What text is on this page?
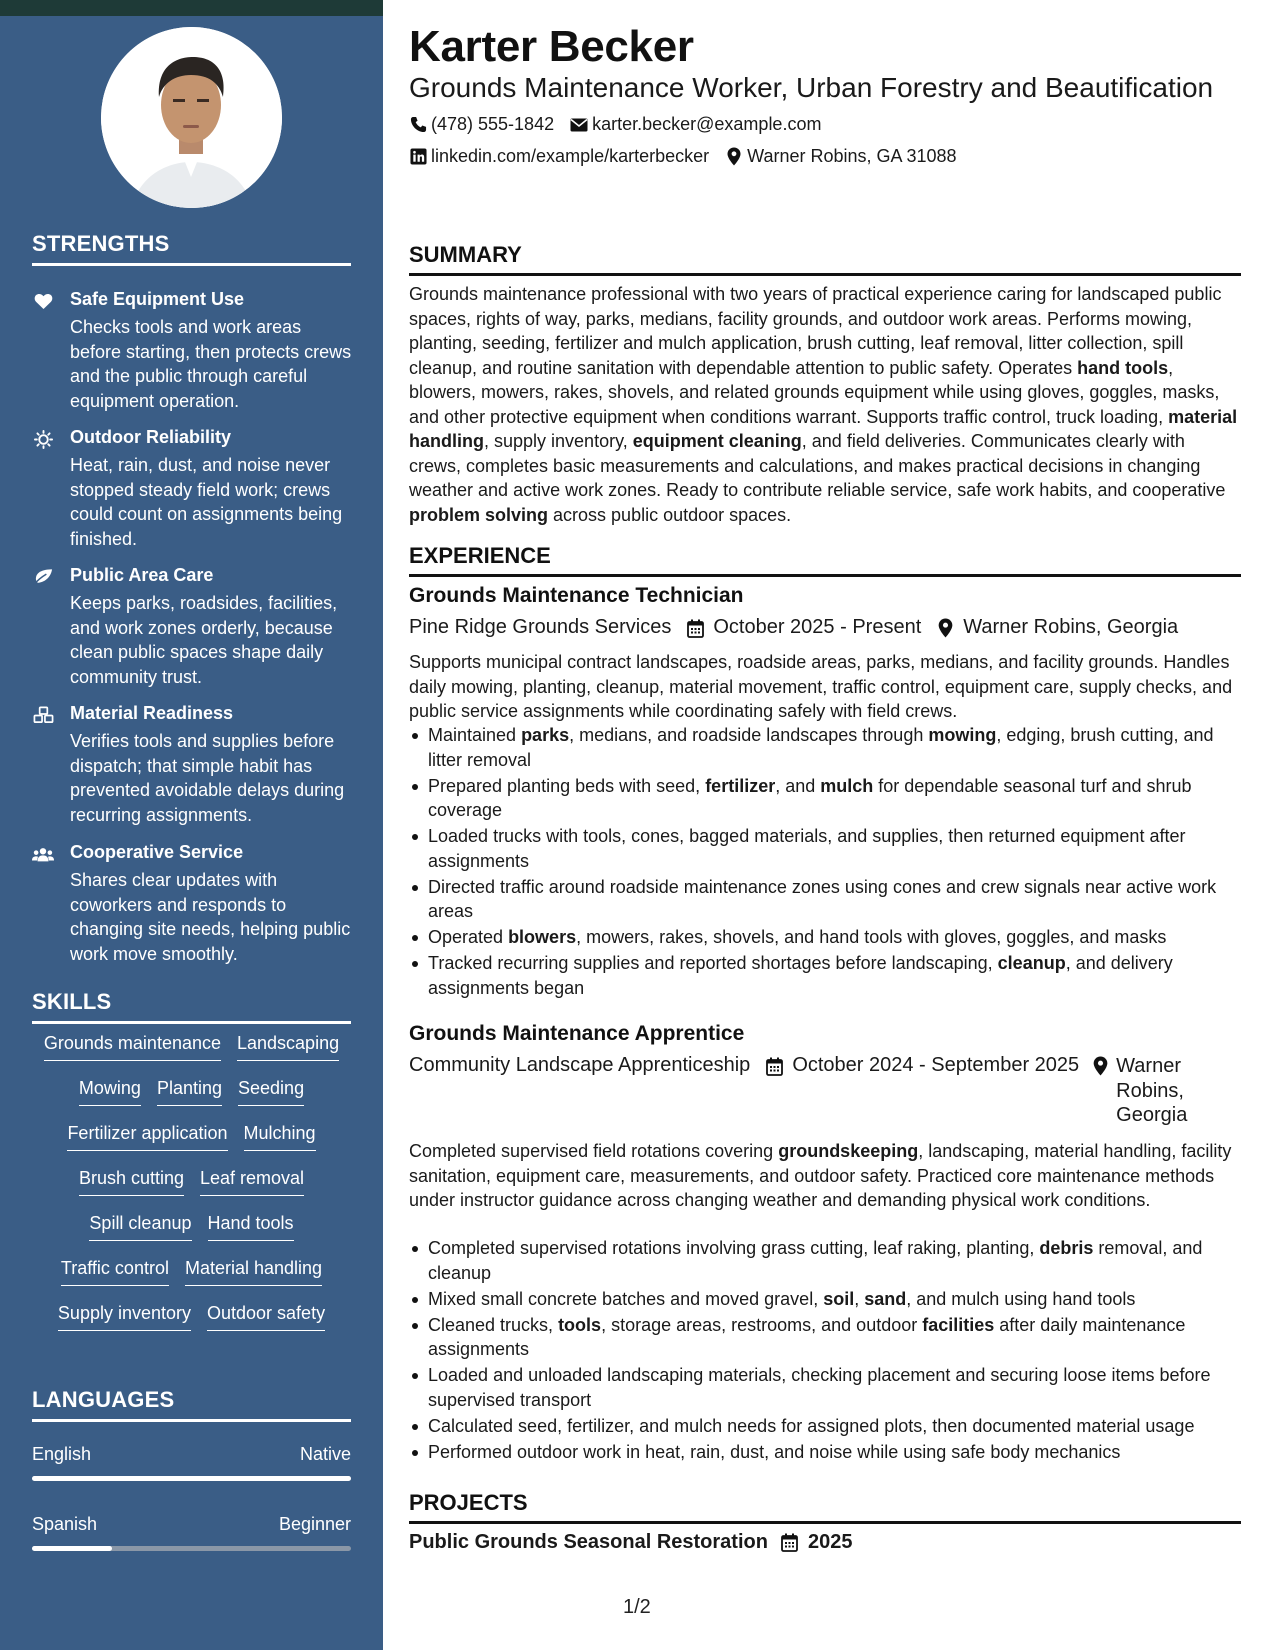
STRENGTHS
Safe Equipment Use
Checks tools and work areas before starting, then protects crews and the public through careful equipment operation.
Outdoor Reliability
Heat, rain, dust, and noise never stopped steady field work; crews could count on assignments being finished.
Public Area Care
Keeps parks, roadsides, facilities, and work zones orderly, because clean public spaces shape daily community trust.
Material Readiness
Verifies tools and supplies before dispatch; that simple habit has prevented avoidable delays during recurring assignments.
Cooperative Service
Shares clear updates with coworkers and responds to changing site needs, helping public work move smoothly.
SKILLS
Grounds maintenance Landscaping
Mowing Planting Seeding
Fertilizer application Mulching
Brush cutting Leaf removal
Spill cleanup Hand tools
Traffic control Material handling
Supply inventory Outdoor safety
LANGUAGES
English	Native
Spanish	Beginner
Karter Becker
Grounds Maintenance Worker, Urban Forestry and Beautification
(478) 555-1842 karter.becker@example.com
linkedin.com/example/karterbecker Warner Robins, GA 31088
SUMMARY
Grounds maintenance professional with two years of practical experience caring for landscaped public spaces, rights of way, parks, medians, facility grounds, and outdoor work areas. Performs mowing, planting, seeding, fertilizer and mulch application, brush cutting, leaf removal, litter collection, spill cleanup, and routine sanitation with dependable attention to public safety. Operates hand tools, blowers, mowers, rakes, shovels, and related grounds equipment while using gloves, goggles, masks, and other protective equipment when conditions warrant. Supports traffic control, truck loading, material handling, supply inventory, equipment cleaning, and field deliveries. Communicates clearly with crews, completes basic measurements and calculations, and makes practical decisions in changing weather and active work zones. Ready to contribute reliable service, safe work habits, and cooperative problem solving across public outdoor spaces.
EXPERIENCE
Grounds Maintenance Technician
Pine Ridge Grounds Services October 2025 - Present Warner Robins, Georgia
Supports municipal contract landscapes, roadside areas, parks, medians, and facility grounds. Handles daily mowing, planting, cleanup, material movement, traffic control, equipment care, supply checks, and public service assignments while coordinating safely with field crews.
Maintained parks, medians, and roadside landscapes through mowing, edging, brush cutting, and litter removal
Prepared planting beds with seed, fertilizer, and mulch for dependable seasonal turf and shrub coverage
Loaded trucks with tools, cones, bagged materials, and supplies, then returned equipment after assignments
Directed traffic around roadside maintenance zones using cones and crew signals near active work areas
Operated blowers, mowers, rakes, shovels, and hand tools with gloves, goggles, and masks
Tracked recurring supplies and reported shortages before landscaping, cleanup, and delivery assignments began
Grounds Maintenance Apprentice
Community Landscape Apprenticeship October 2024 - September 2025 Warner Robins, Georgia
Completed supervised field rotations covering groundskeeping, landscaping, material handling, facility sanitation, equipment care, measurements, and outdoor safety. Practiced core maintenance methods under instructor guidance across changing weather and demanding physical work conditions.
Completed supervised rotations involving grass cutting, leaf raking, planting, debris removal, and cleanup
Mixed small concrete batches and moved gravel, soil, sand, and mulch using hand tools
Cleaned trucks, tools, storage areas, restrooms, and outdoor facilities after daily maintenance assignments
Loaded and unloaded landscaping materials, checking placement and securing loose items before supervised transport
Calculated seed, fertilizer, and mulch needs for assigned plots, then documented material usage
Performed outdoor work in heat, rain, dust, and noise while using safe body mechanics
PROJECTS
Public Grounds Seasonal Restoration 2025
1/2
